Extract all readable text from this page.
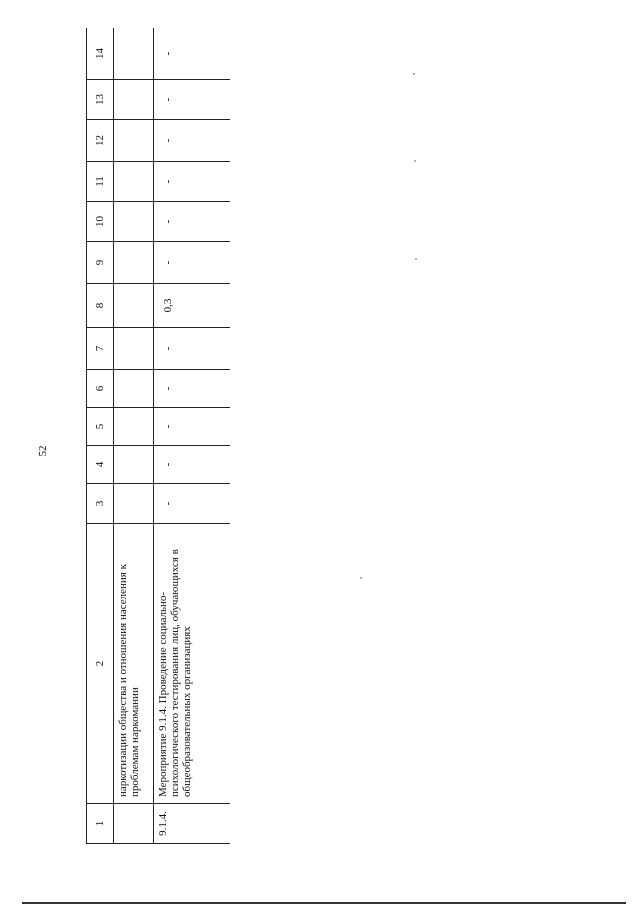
52
1	2	3	4	5	6	7	8	9	10	11	12	13	14
	наркотизации общества и отношения населения к проблемам наркомании												
9.1.4.	Мероприятие 9.1.4. Проведение социально-психологического тестирования лиц, обучающихся в общеобразовательных организациях	-	-	-	-	-	0,3	-	-	-	-	-	-
